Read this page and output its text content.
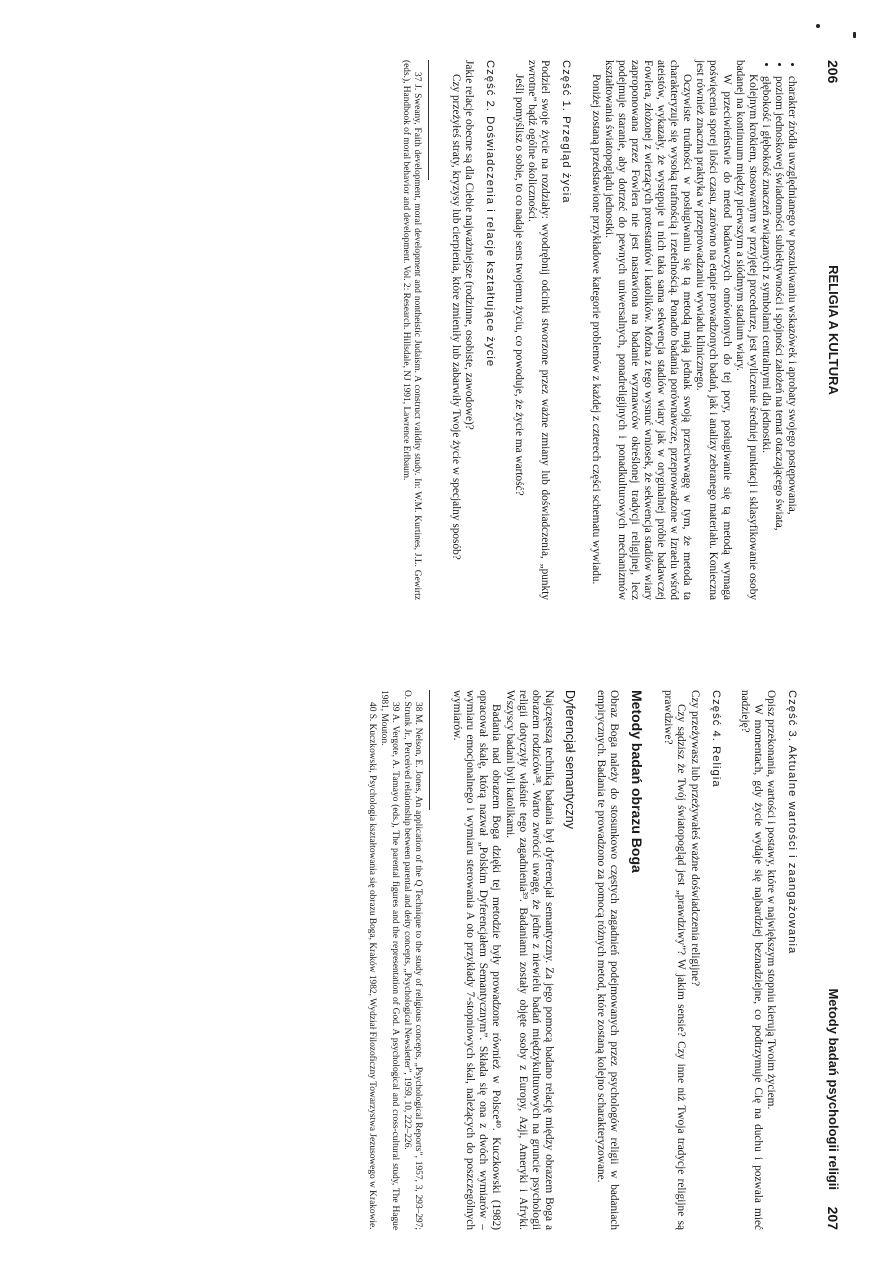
206
RELIGIA A KULTURA
• charakter źródła uwzględnianego w poszukiwaniu wskazówek i aprobaty swojego postępowania,
• poziom jednoskowej świadomości subiektywności i spójności założeń na temat otaczającego świata,
• głębokość i głębokość znaczeń związanych z symbolami centralnymi dla jednostki.

Kolejnym krokiem, stosowanym w przyjętej procedurze, jest wyliczenie średniej punktacji i sklasyfikowanie osoby badanej na kontinuum między pierwszym a siódmym stadium wiary.

W przeciwieństwie do metod badawczych omówionych do tej pory, posługiwanie się tą metodą wymaga poświęcenia sporej ilości czasu, zarówno na etapie prowadzonych badań, jak i analizy zebranego materiału. Konieczna jest również znaczna praktyka w przeprowadzaniu wywiadu klinicznego.

Oczywiste trudności w posługiwaniu się tą metodą mają jednak swoją przeciwwagę w tym, że metoda ta charakteryzuje się wysoką trafnością i rzetelnością. Ponadto badania porównawcze, przeprowadzone w Izraelu wśród ateistów, wykazały, że występuje u nich taka sama sekwencja stadiów wiary jak w oryginalnej próbie badawczej Fowlera, złożonej z wierzących protestantów i katolików. Można z tego wysnuć wniosek, że sekwencja stadiów wiary zaproponowana przez Fowlera nie jest nastawiona na badanie wyznawców określonej tradycji religijnej, lecz podejmuje staranie, aby dotrzeć do pewnych uniwersalnych, ponadreligijnych i ponadkulturowych mechanizmów kształtowania światopoglądu jednostki.

Poniżej zostaną przedstawione przykładowe kategorie problemów z każdej z czterech części schematu wywiadu.

Część 1. Przegląd życia

Podziel swoje życie na rozdziały: wyodrębnij odcinki stworzone przez ważne zmiany lub doświadczenia, „punkty zwrotne” bądź ogólne okoliczności.

Jeśli pomyślisz o sobie, to co nadaje sens twojemu życiu, co powoduje, że życie ma wartość?

Część 2. Doświadczenia i relacje kształtujące życie

Jakie relacje obecne są dla Ciebie najważniejsze (rodzinne, osobiste, zawodowe)?

Czy przeżyłeś straty, kryzysy lub cierpienia, które zmieniły lub zabarwiły Twoje życie w specjalny sposób?

37 J. Sweany, Faith development, moral development and nontheistic Judaism. A construct validity study. In: W.M. Kurtines, J.L. Gewirtz (eds.), Handbook of moral behavior and development. Vol. 2: Research. Hillsdale, NJ 1991, Lawrence Erlbaum.

Metody badań psychologii religii
207
Część 3. Aktualne wartości i zaangażowania

Opisz przekonania, wartości i postawy, które w największym stopniu kierują Twoim życiem.

W momentach, gdy życie wydaje się najbardziej beznadziejne, co podtrzymuje Cię na duchu i pozwala mieć nadzieję?

Część 4. Religia

Czy przeżywasz lub przeżywałeś ważne doświadczenia religijne?

Czy sądzisz że Twój światopogląd jest „prawdziwy”? W jakim sensie? Czy inne niż Twoja tradycje religijne są prawdziwe?

Metody badań obrazu Boga

Obraz Boga należy do stosunkowo częstych zagadnień podejmowanych przez psychologów religii w badaniach empirycznych. Badania te prowadzono za pomocą różnych metod, które zostaną kolejno scharakteryzowane.

Dyferencjał semantyczny

Najczęstszą techniką badania był dyferencjał semantyczny. Za jego pomocą badano relację między obrazem Boga a obrazem rodziców³⁸. Warto zwrócić uwagę, że jedne z niewielu badań międzykulturowych na gruncie psychologii religii dotyczyły właśnie tego zagadnienia³⁹. Badaniami zostały objęte osoby z Europy, Azji, Ameryki i Afryki. Wszyscy badani byli katolikami.

Badania nad obrazem Boga dzięki tej metodzie były prowadzone również w Polsce⁴⁰. Kuczkowski (1982) opracował skalę, którą nazwał „Polskim Dyferencjałem Semantycznym”. Składa się ona z dwóch wymiarów – wymiaru emocjonalnego i wymiaru sterowania A oto przykłady 7-stopniowych skal, należących do poszczególnych wymiarów.

38 M. Nelson, E. Jones, An application of the Q Technique to the study of religious concepts, „Psychological Reports”, 1957, 3, 293–297; O. Strunk Jr., Perceived relationship between parental and deity concepts, „Psychological Newsletter”, 1959, 10, 222–226.

39 A. Vergote, A. Tamayo (eds.), The parental figures and the representation of God. A psychological and cross-cultural study, The Hague 1981, Mouton.

40 S. Kuczkowski, Psychologia kształtowania się obrazu Boga, Kraków 1982, Wydział Filozoficzny Towarzystwa Jezusowego w Krakowie.
